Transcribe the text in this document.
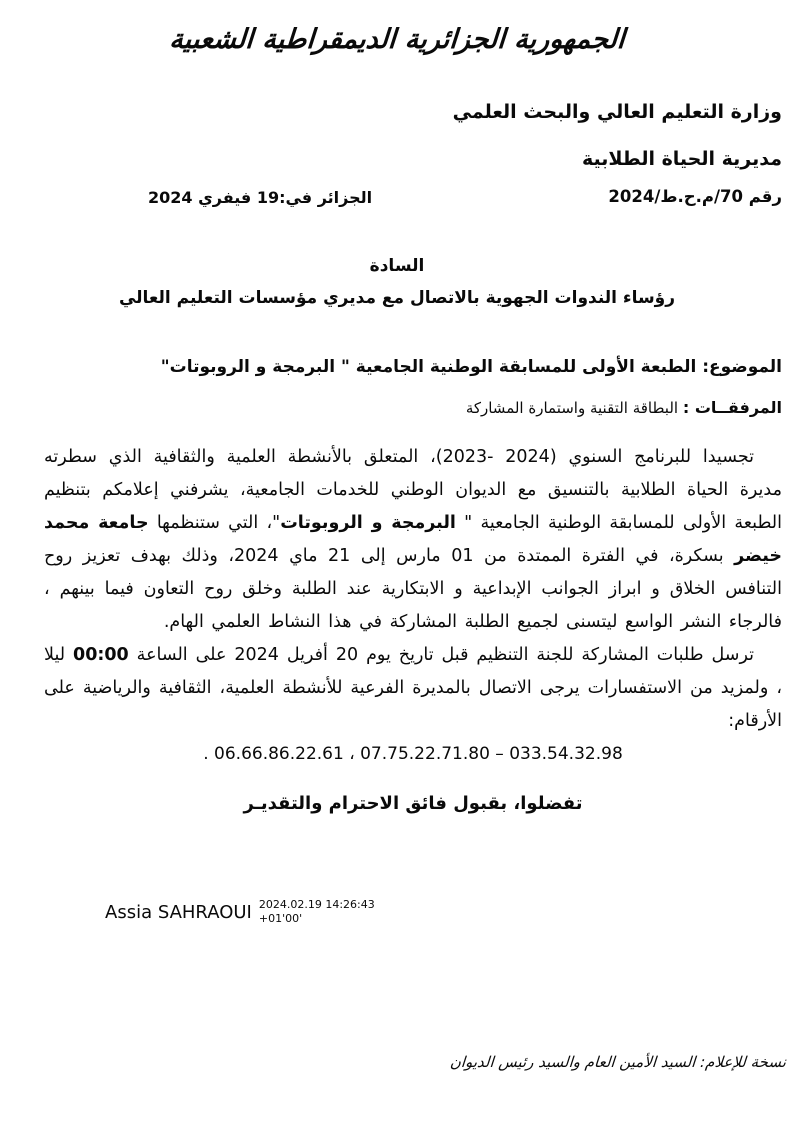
الجمهورية الجزائرية الديمقراطية الشعبية
وزارة التعليم العالي والبحث العلمي
مديرية الحياة الطلابية
رقم 70/م.ح.ط/2024
الجزائر في:19 فيفري 2024
السادة
رؤساء الندوات الجهوية بالاتصال مع مديري مؤسسات التعليم العالي
الموضوع: الطبعة الأولى للمسابقة الوطنية الجامعية " البرمجة و الروبوتات"
المرفقــات : البطاقة التقنية واستمارة المشاركة

تجسيدا للبرنامج السنوي ⁦(2023- 2024)⁩، المتعلق بالأنشطة العلمية والثقافية الذي سطرته مديرة الحياة الطلابية بالتنسيق مع الديوان الوطني للخدمات الجامعية، يشرفني إعلامكم بتنظيم الطبعة الأولى للمسابقة الوطنية الجامعية " البرمجة و الروبوتات"، التي ستنظمها جامعة محمد خيضر بسكرة، في الفترة الممتدة من 01 مارس إلى 21 ماي 2024، وذلك بهدف تعزيز روح التنافس الخلاق و ابراز الجوانب الإبداعية و الابتكارية عند الطلبة وخلق روح التعاون فيما بينهم ، فالرجاء النشر الواسع ليتسنى لجميع الطلبة المشاركة في هذا النشاط العلمي الهام.

ترسل طلبات المشاركة للجنة التنظيم قبل تاريخ يوم 20 أفريل 2024 على الساعة 00:00 ليلا ، ولمزيد من الاستفسارات يرجى الاتصال بالمديرة الفرعية للأنشطة العلمية، الثقافية والرياضية على الأرقام:

033.54.32.98 – 07.75.22.71.80 ، 06.66.86.22.61 .
تفضلوا، بقبول فائق الاحترام والتقديـر
Assia SAHRAOUI 2024.02.19 14:26:43
+01'00'
نسخة للإعلام: السيد الأمين العام والسيد رئيس الديوان
